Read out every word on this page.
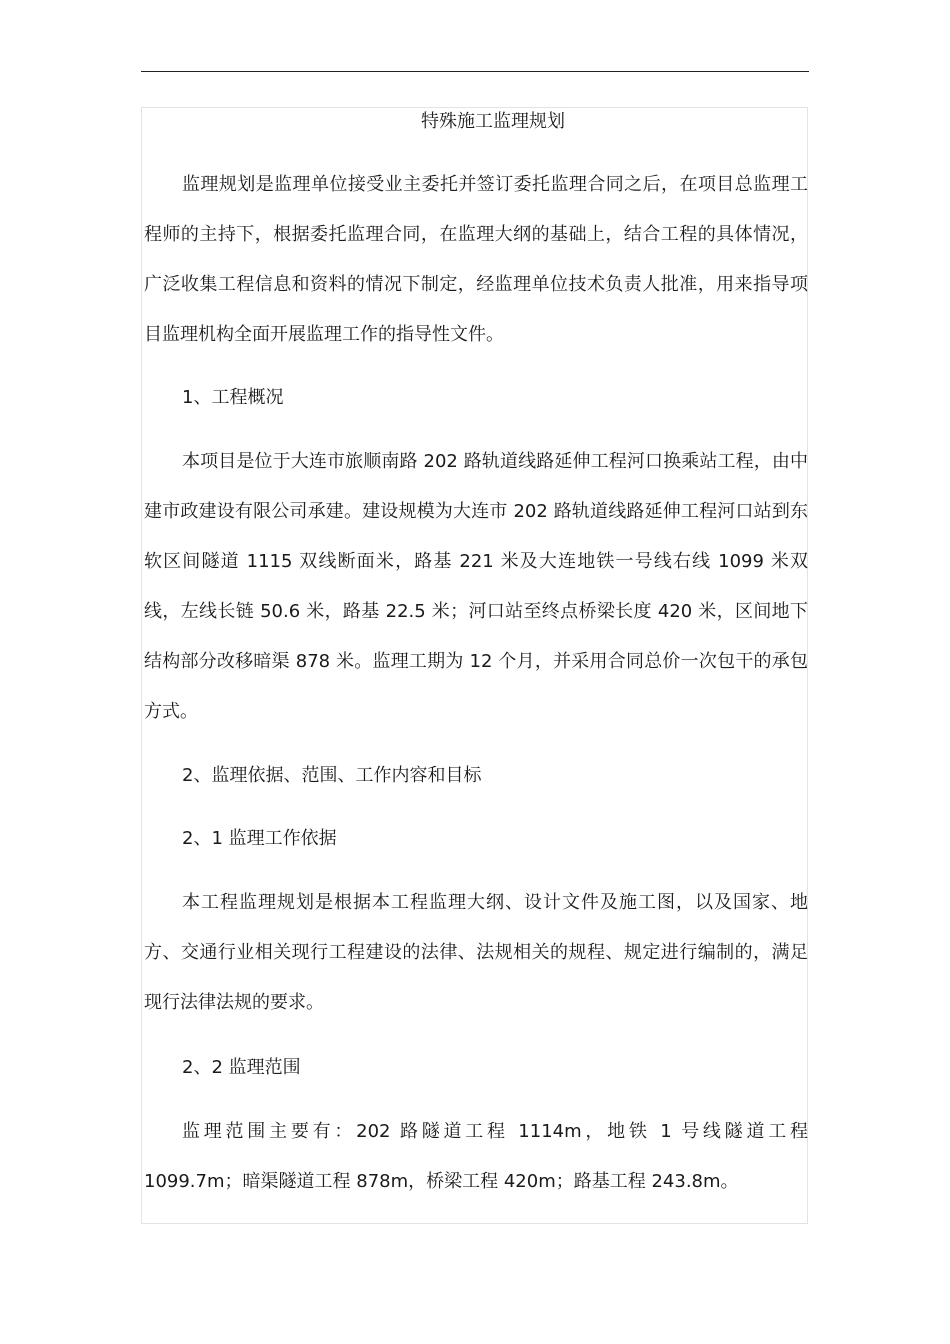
特殊施工监理规划

监理规划是监理单位接受业主委托并签订委托监理合同之后，在项目总监理工程师的主持下，根据委托监理合同，在监理大纲的基础上，结合工程的具体情况，广泛收集工程信息和资料的情况下制定，经监理单位技术负责人批准，用来指导项目监理机构全面开展监理工作的指导性文件。

1、工程概况

本项目是位于大连市旅顺南路 202 路轨道线路延伸工程河口换乘站工程，由中建市政建设有限公司承建。建设规模为大连市 202 路轨道线路延伸工程河口站到东软区间隧道 1115 双线断面米，路基 221 米及大连地铁一号线右线 1099 米双线，左线长链 50.6 米，路基 22.5 米；河口站至终点桥梁长度 420 米，区间地下结构部分改移暗渠 878 米。监理工期为 12 个月，并采用合同总价一次包干的承包方式。

2、监理依据、范围、工作内容和目标

2、1 监理工作依据

本工程监理规划是根据本工程监理大纲、设计文件及施工图，以及国家、地方、交通行业相关现行工程建设的法律、法规相关的规程、规定进行编制的，满足现行法律法规的要求。

2、2 监理范围

监理范围主要有：202 路隧道工程 1114m，地铁 1 号线隧道工程 1099.7m；暗渠隧道工程 878m，桥梁工程 420m；路基工程 243.8m。
